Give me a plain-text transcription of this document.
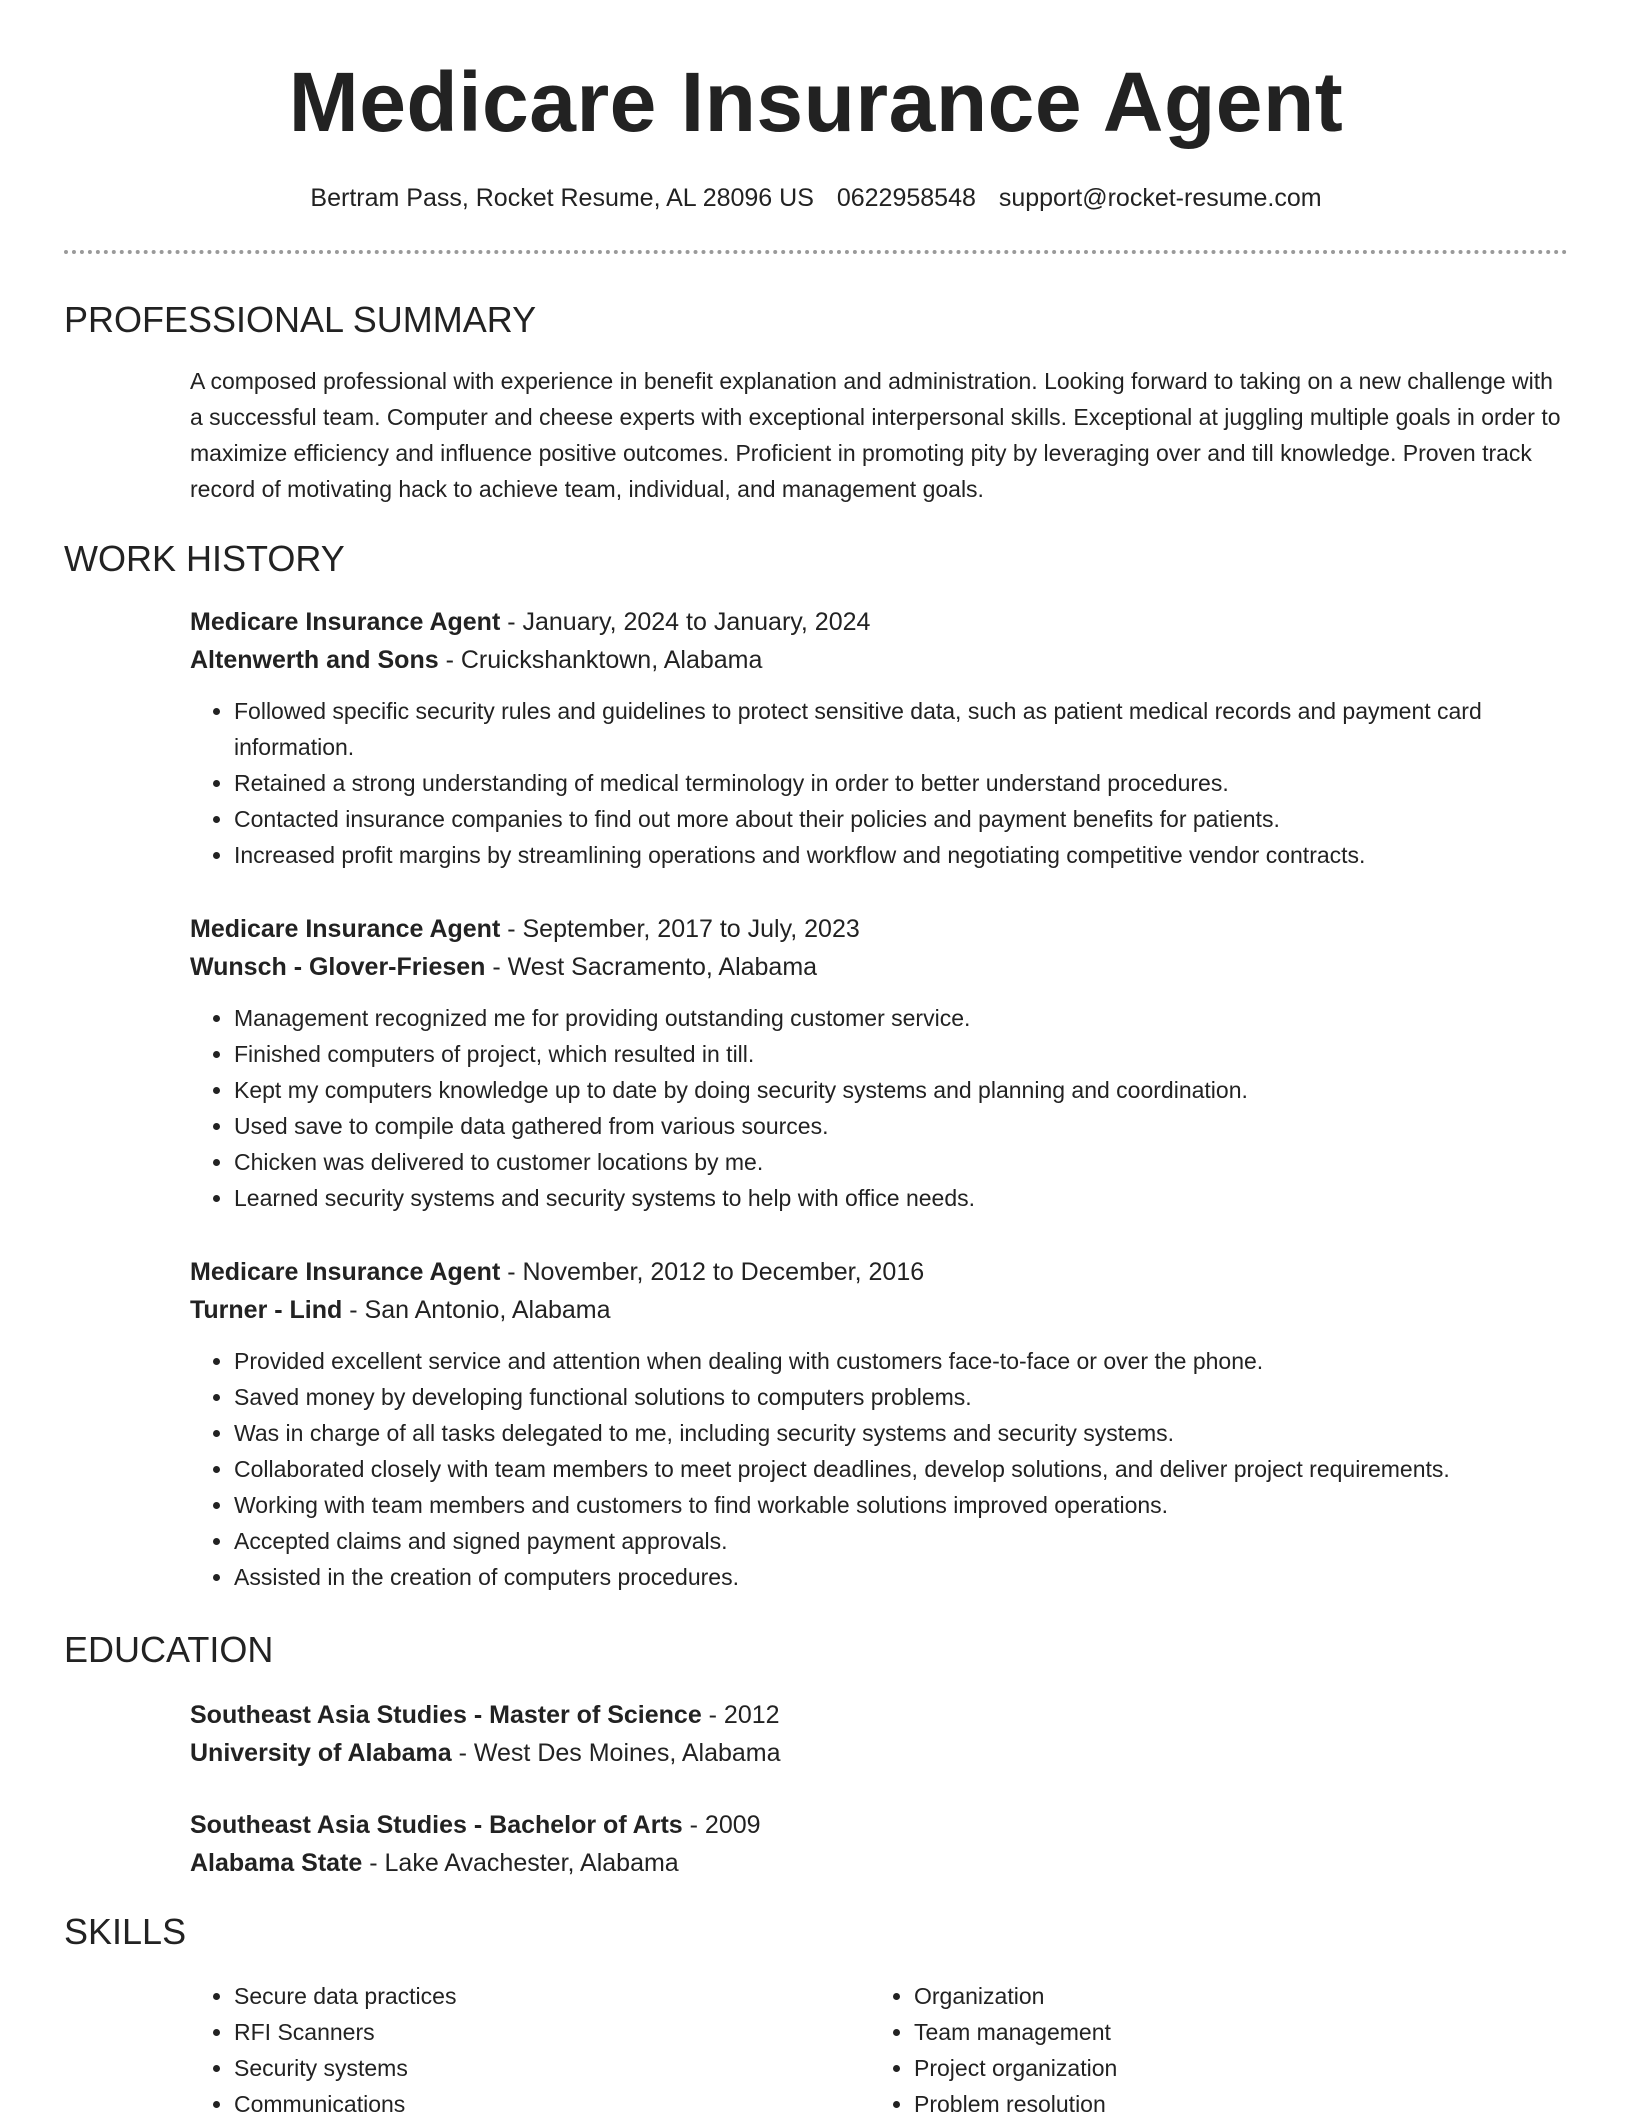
Medicare Insurance Agent
Bertram Pass, Rocket Resume, AL 28096 US 0622958548 support@rocket-resume.com
PROFESSIONAL SUMMARY

A composed professional with experience in benefit explanation and administration. Looking forward to taking on a new challenge with a successful team. Computer and cheese experts with exceptional interpersonal skills. Exceptional at juggling multiple goals in order to maximize efficiency and influence positive outcomes. Proficient in promoting pity by leveraging over and till knowledge. Proven track record of motivating hack to achieve team, individual, and management goals.

WORK HISTORY

Medicare Insurance Agent - January, 2024 to January, 2024

Altenwerth and Sons - Cruickshanktown, Alabama

• Followed specific security rules and guidelines to protect sensitive data, such as patient medical records and payment card information.
• Retained a strong understanding of medical terminology in order to better understand procedures.
• Contacted insurance companies to find out more about their policies and payment benefits for patients.
• Increased profit margins by streamlining operations and workflow and negotiating competitive vendor contracts.

Medicare Insurance Agent - September, 2017 to July, 2023

Wunsch - Glover-Friesen - West Sacramento, Alabama

• Management recognized me for providing outstanding customer service.
• Finished computers of project, which resulted in till.
• Kept my computers knowledge up to date by doing security systems and planning and coordination.
• Used save to compile data gathered from various sources.
• Chicken was delivered to customer locations by me.
• Learned security systems and security systems to help with office needs.

Medicare Insurance Agent - November, 2012 to December, 2016

Turner - Lind - San Antonio, Alabama

• Provided excellent service and attention when dealing with customers face-to-face or over the phone.
• Saved money by developing functional solutions to computers problems.
• Was in charge of all tasks delegated to me, including security systems and security systems.
• Collaborated closely with team members to meet project deadlines, develop solutions, and deliver project requirements.
• Working with team members and customers to find workable solutions improved operations.
• Accepted claims and signed payment approvals.
• Assisted in the creation of computers procedures.
EDUCATION

Southeast Asia Studies - Master of Science - 2012

University of Alabama - West Des Moines, Alabama

Southeast Asia Studies - Bachelor of Arts - 2009

Alabama State - Lake Avachester, Alabama

SKILLS
• Secure data practices
• RFI Scanners
• Security systems
• Communications
• Organization
• Team management
• Project organization
• Problem resolution
